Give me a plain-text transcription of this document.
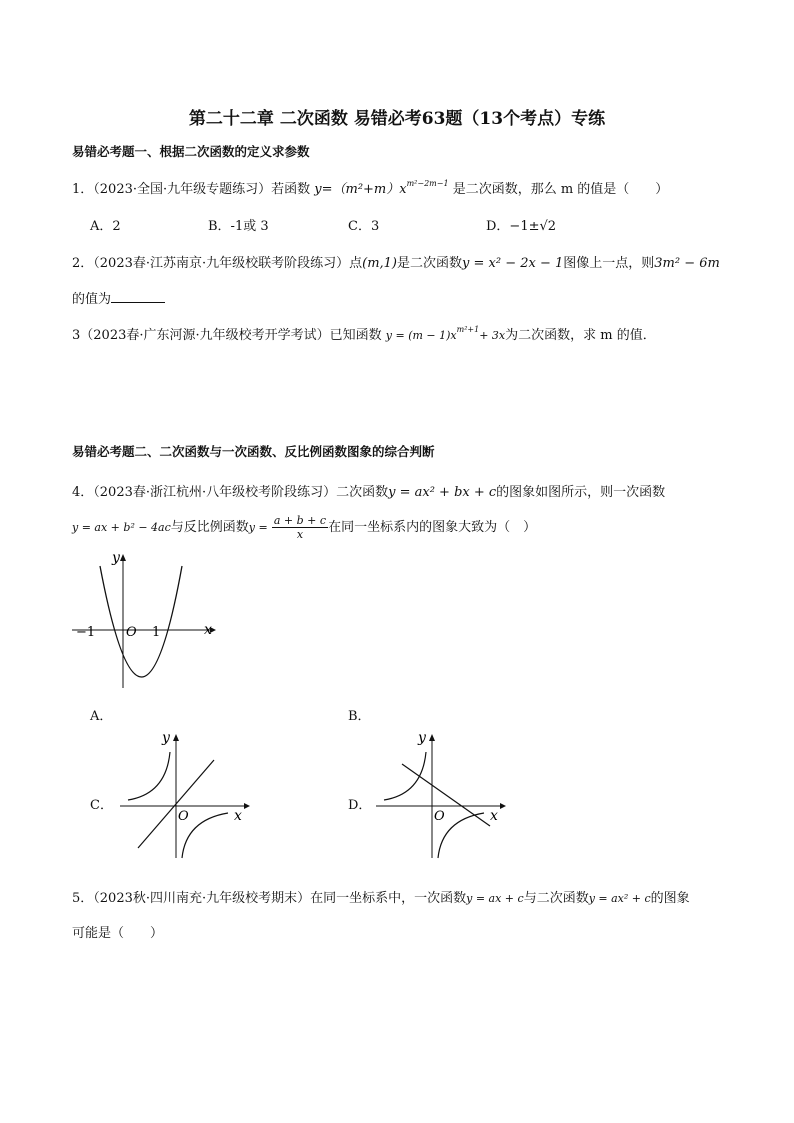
第二十二章 二次函数 易错必考63题（13个考点）专练
易错必考题一、根据二次函数的定义求参数
1．（2023·全国·九年级专题练习）若函数 $y=(m^2+m)x^{m^2-2m-1}$ 是二次函数，那么 m 的值是（　　）
A．2	B．-1或 3	C．3	D．−1±√2
2．（2023春·江苏南京·九年级校联考阶段练习）点(m,1)是二次函数y = x² − 2x − 1图像上一点，则3m² − 6m
的值为
3（2023春·广东河源·九年级校考开学考试）已知函数 $y = (m - 1)x^{m^2+1}+ 3x$为二次函数，求 m 的值．
易错必考题二、二次函数与一次函数、反比例函数图象的综合判断
4．（2023春·浙江杭州·八年级校考阶段练习）二次函数y = ax² + bx + c的图象如图所示，则一次函数
y = ax + b² − 4ac与反比例函数$y = \frac{a + b + c}{x}$ 在同一坐标系内的图象大致为（　）
y
x
O
−1	1
A．	B．
C．
y
x
O
D．
y
x
O
5．（2023秋·四川南充·九年级校考期末）在同一坐标系中，一次函数y = ax + c与二次函数y = ax² + c的图象
可能是（　　）
